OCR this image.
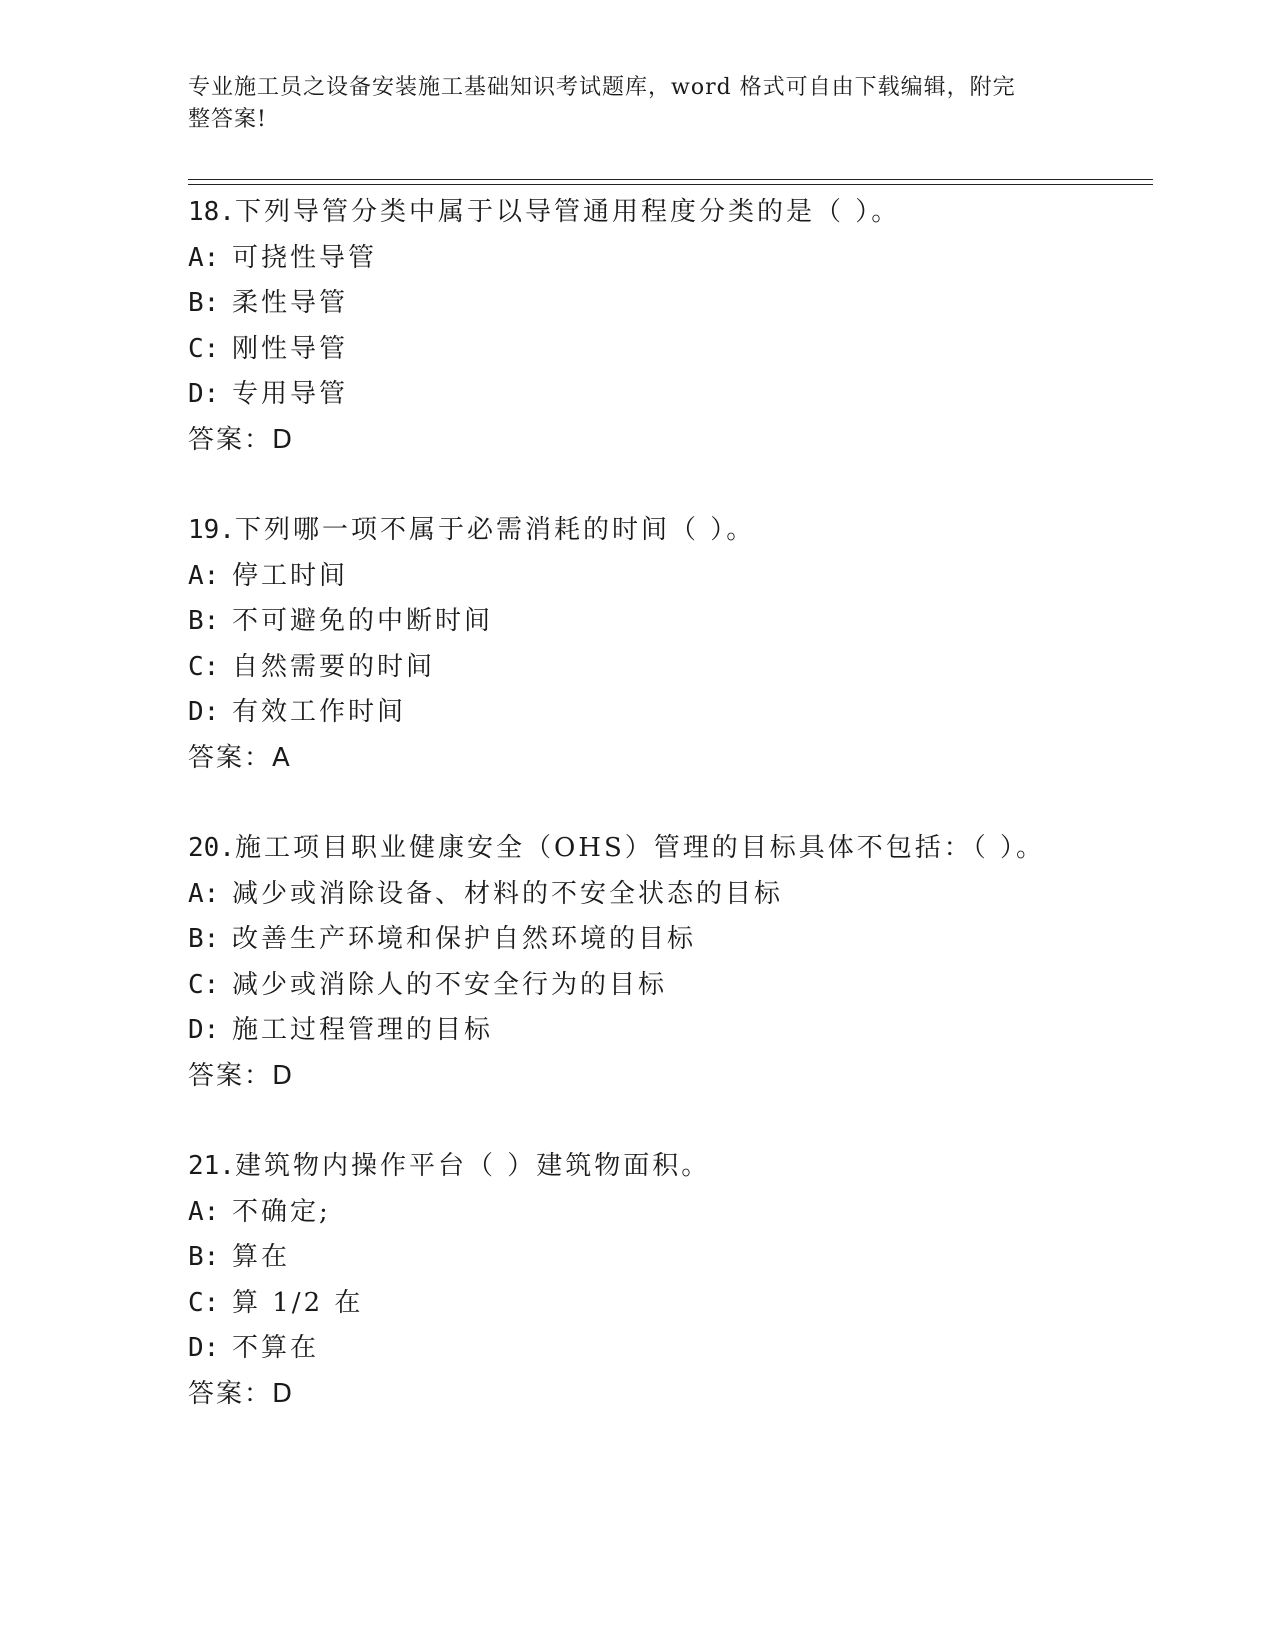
专业施工员之设备安装施工基础知识考试题库，word 格式可自由下载编辑，附完
整答案!
18.下列导管分类中属于以导管通用程度分类的是（ ）。
A: 可挠性导管
B: 柔性导管
C: 刚性导管
D: 专用导管
答案：D
19.下列哪一项不属于必需消耗的时间（ ）。
A: 停工时间
B: 不可避免的中断时间
C: 自然需要的时间
D: 有效工作时间
答案：A
20.施工项目职业健康安全（OHS）管理的目标具体不包括：（ ）。
A: 减少或消除设备、材料的不安全状态的目标
B: 改善生产环境和保护自然环境的目标
C: 减少或消除人的不安全行为的目标
D: 施工过程管理的目标
答案：D
21.建筑物内操作平台（ ）建筑物面积。
A: 不确定;
B: 算在
C: 算 1/2 在
D: 不算在
答案：D
